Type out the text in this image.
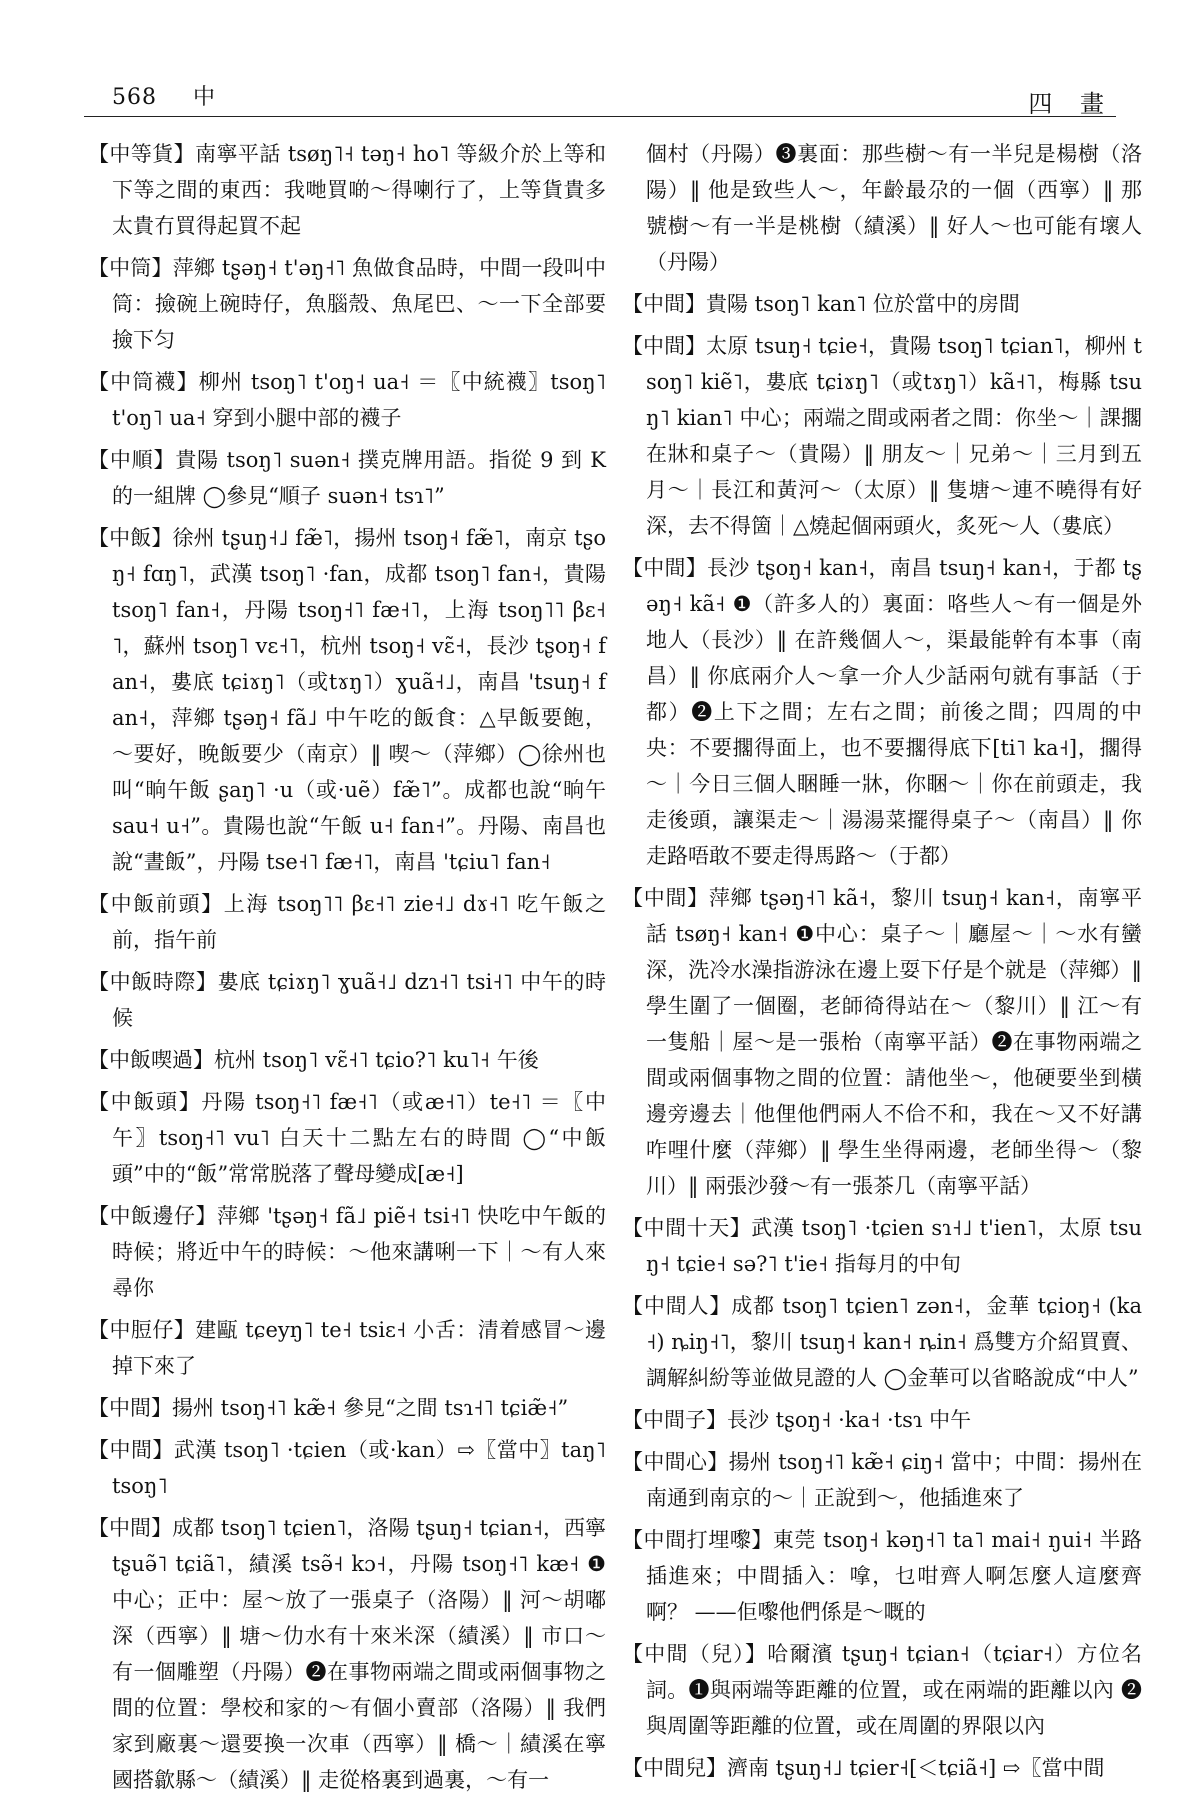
568 中	四 畫

【中等貨】南寧平話 tsøŋ˥˧ təŋ˧ ho˥ 等級介於上等和下等之間的東西：我哋買啲～得喇行了，上等貨貴多太貴冇買得起買不起

【中筒】萍鄉 tʂəŋ˧ t'əŋ˧˥ 魚做食品時，中間一段叫中筒：撿碗上碗時仔，魚腦殼、魚尾巴、～一下全部要撿下匀

【中筒襪】柳州 tsoŋ˥ t'oŋ˧ ua˧ ＝〖中統襪〗tsoŋ˥ t'oŋ˥ ua˧ 穿到小腿中部的襪子

【中順】貴陽 tsoŋ˥ suən˧ 撲克牌用語。指從 9 到 K 的一組牌 ◯參見“順子 suən˧ tsɿ˥”

【中飯】徐州 tʂuŋ˧˩ fæ̃˥，揚州 tsoŋ˧ fæ̃˥，南京 tʂoŋ˧ fɑŋ˥，武漢 tsoŋ˥ ·fan，成都 tsoŋ˥ fan˧，貴陽 tsoŋ˥ fan˧，丹陽 tsoŋ˧˥ fæ˧˥，上海 tsoŋ˥˥ βɛ˧˥，蘇州 tsoŋ˥ vɛ˧˥，杭州 tsoŋ˧ vɛ̃˧，長沙 tʂoŋ˧ fan˧，婁底 tɕiɤŋ˥（或tɤŋ˥）ɣuã˧˩，南昌 'tsuŋ˧ fan˧，萍鄉 tʂəŋ˧ fã˩ 中午吃的飯食：△早飯要飽，～要好，晚飯要少（南京）‖ 喫～（萍鄉）◯徐州也叫“晌午飯 ʂaŋ˥ ·u（或·uẽ）fæ̃˥”。成都也說“晌午 sau˧ u˧”。貴陽也說“午飯 u˧ fan˧”。丹陽、南昌也說“晝飯”，丹陽 tse˧˥ fæ˧˥，南昌 'tɕiu˥ fan˧

【中飯前頭】上海 tsoŋ˥˥ βɛ˧˥ zie˧˩ dɤ˧˥ 吃午飯之前，指午前

【中飯時際】婁底 tɕiɤŋ˥ ɣuã˧˩ dzɿ˧˥ tsi˧˥ 中午的時候

【中飯喫過】杭州 tsoŋ˥ vɛ̃˧˥ tɕio?˥ ku˥˧ 午後

【中飯頭】丹陽 tsoŋ˧˥ fæ˧˥（或æ˧˥）te˧˥ ＝〖中午〗tsoŋ˧˥ vu˥ 白天十二點左右的時間 ◯“中飯頭”中的“飯”常常脱落了聲母變成[æ˧]

【中飯邊仔】萍鄉 'tʂəŋ˧ fã˩ piẽ˧ tsi˧˥ 快吃中午飯的時候；將近中午的時候：～他來講唎一下｜～有人來尋你

【中脰仔】建甌 tɕeyŋ˥ te˧ tsiɛ˧ 小舌：清着感冒～邊掉下來了

【中間】揚州 tsoŋ˧˥ kæ̃˧ 參見“之間 tsɿ˧˥ tɕiæ̃˧”

【中間】武漢 tsoŋ˥ ·tɕien（或·kan）⇨〖當中〗taŋ˥ tsoŋ˥

【中間】成都 tsoŋ˥ tɕien˥，洛陽 tʂuŋ˧ tɕian˧，西寧 tʂuə̃˥ tɕiã˥，績溪 tsə̃˧ kɔ˧，丹陽 tsoŋ˧˥ kæ˧ ❶中心；正中：屋～放了一張桌子（洛陽）‖ 河～胡嘟深（西寧）‖ 塘～仂水有十來米深（績溪）‖ 市口～有一個雕塑（丹陽）❷在事物兩端之間或兩個事物之間的位置：學校和家的～有個小賣部（洛陽）‖ 我們家到廠裏～還要換一次車（西寧）‖ 橋～｜績溪在寧國搭歙縣～（績溪）‖ 走從格裏到過裏，～有一

個村（丹陽）❸裏面：那些樹～有一半兒是楊樹（洛陽）‖ 他是致些人～，年齡最尕的一個（西寧）‖ 那號樹～有一半是桃樹（績溪）‖ 好人～也可能有壞人（丹陽）

【中間】貴陽 tsoŋ˥ kan˥ 位於當中的房間

【中間】太原 tsuŋ˧ tɕie˧，貴陽 tsoŋ˥ tɕian˥，柳州 tsoŋ˥ kiẽ˥，婁底 tɕiɤŋ˥（或tɤŋ˥）kã˧˥，梅縣 tsuŋ˥ kian˥ 中心；兩端之間或兩者之間：你坐～｜課擱在牀和桌子～（貴陽）‖ 朋友～｜兄弟～｜三月到五月～｜長江和黃河～（太原）‖ 隻塘～連不曉得有好深，去不得箇｜△燒起個兩頭火，炙死～人（婁底）

【中間】長沙 tʂoŋ˧ kan˧，南昌 tsuŋ˧ kan˧，于都 tʂəŋ˧ kã˧ ❶（許多人的）裏面：咯些人～有一個是外地人（長沙）‖ 在許幾個人～，渠最能幹有本事（南昌）‖ 你底兩介人～拿一介人少話兩句就有事話（于都）❷上下之間；左右之間；前後之間；四周的中央：不要擱得面上，也不要擱得底下[ti˥ ka˧]，擱得～｜今日三個人睏睡一牀，你睏～｜你在前頭走，我走後頭，讓渠走～｜湯湯菜擺得桌子～（南昌）‖ 你走路唔敢不要走得馬路～（于都）

【中間】萍鄉 tʂəŋ˧˥ kã˧，黎川 tsuŋ˧ kan˧，南寧平話 tsøŋ˧ kan˧ ❶中心：桌子～｜廳屋～｜～水有蠻深，洗冷水澡指游泳在邊上耍下仔是个就是（萍鄉）‖ 學生圍了一個圈，老師徛得站在～（黎川）‖ 江～有一隻船｜屋～是一張枱（南寧平話）❷在事物兩端之間或兩個事物之間的位置：請他坐～，他硬要坐到橫邊旁邊去｜他俚他們兩人不佮不和，我在～又不好講咋哩什麼（萍鄉）‖ 學生坐得兩邊，老師坐得～（黎川）‖ 兩張沙發～有一張茶几（南寧平話）

【中間十天】武漢 tsoŋ˥ ·tɕien sɿ˧˩ t'ien˥，太原 tsuŋ˧ tɕie˧ sə?˥ t'ie˧ 指每月的中旬

【中間人】成都 tsoŋ˥ tɕien˥ zən˧，金華 tɕioŋ˧ (ka˧) ȵiŋ˧˥，黎川 tsuŋ˧ kan˧ ȵin˧ 爲雙方介紹買賣、調解糾紛等並做見證的人 ◯金華可以省略說成“中人”

【中間子】長沙 tʂoŋ˧ ·ka˧ ·tsɿ 中午

【中間心】揚州 tsoŋ˧˥ kæ̃˧ ɕiŋ˧ 當中；中間：揚州在南通到南京的～｜正說到～，他插進來了

【中間打埋嚟】東莞 tsoŋ˧ kəŋ˧˥ ta˥ mai˧ ŋui˧ 半路插進來；中間插入：嗱，乜咁齊人啊怎麼人這麼齊啊？ ——佢嚟他們係是～嘅的

【中間（兒）】哈爾濱 tʂuŋ˧ tɕian˧（tɕiar˧）方位名詞。❶與兩端等距離的位置，或在兩端的距離以內 ❷與周圍等距離的位置，或在周圍的界限以內

【中間兒】濟南 tʂuŋ˧˩ tɕier˧[＜tɕiã˧] ⇨〖當中間
